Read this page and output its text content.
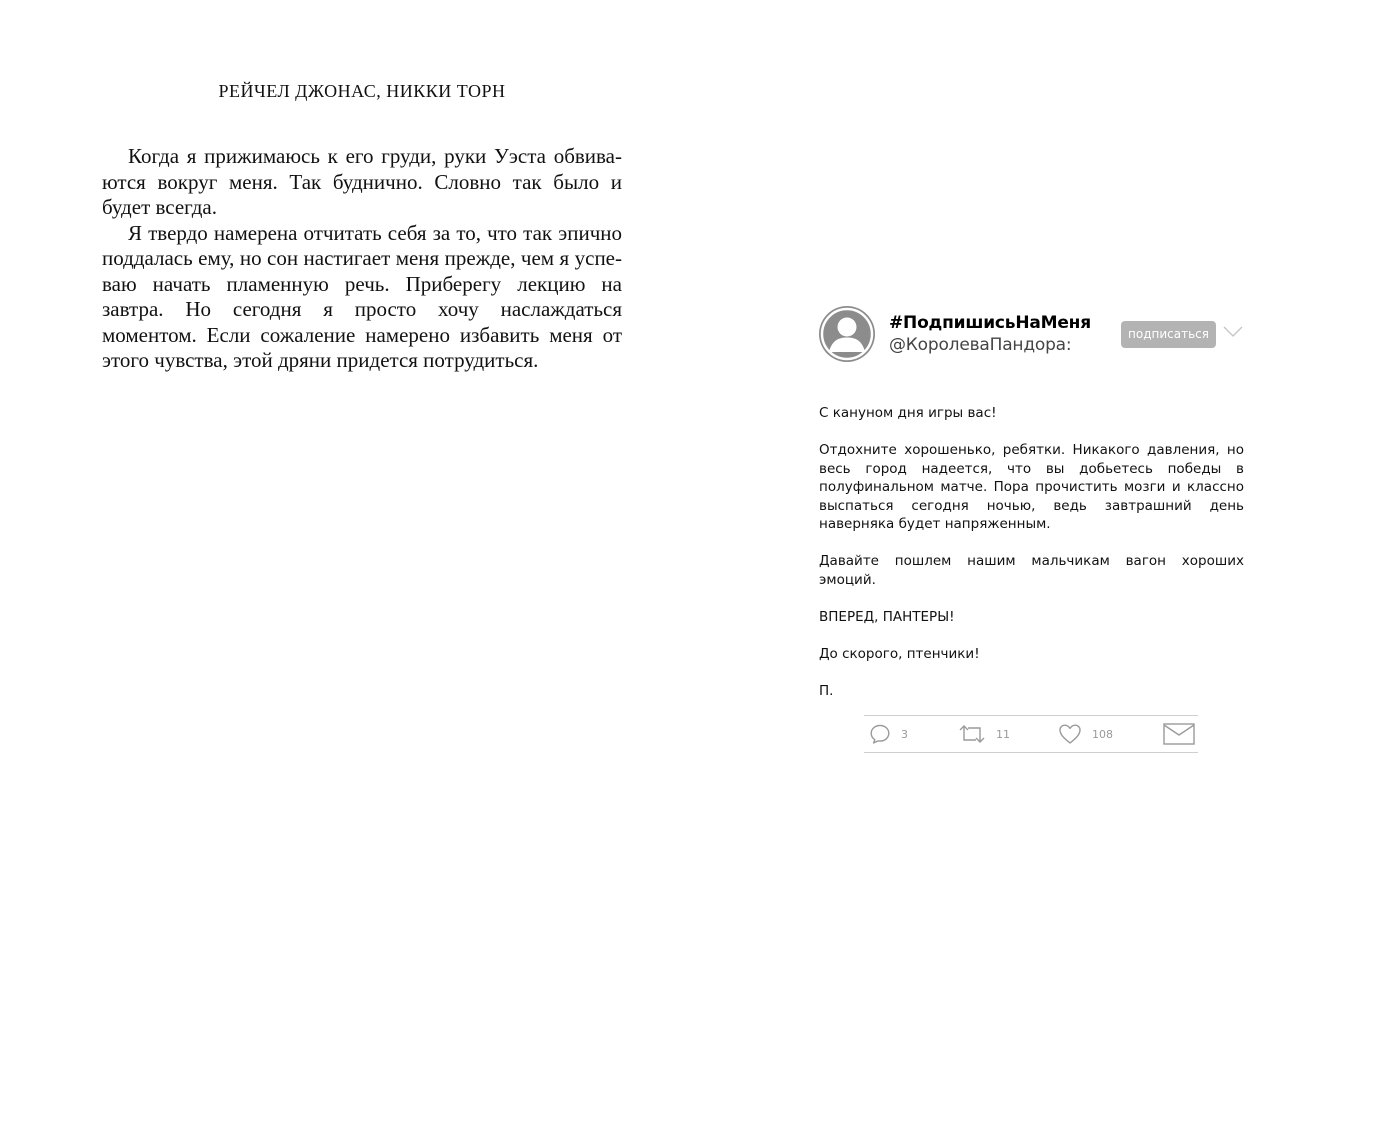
РЕЙЧЕЛ ДЖОНАС, НИККИ ТОРН

Когда я прижимаюсь к его груди, руки Уэста обвива-ются вокруг меня. Так буднично. Словно так было и будет всегда.

Я твердо намерена отчитать себя за то, что так эпично поддалась ему, но сон настигает меня прежде, чем я успе-ваю начать пламенную речь. Приберегу лекцию на завтра. Но сегодня я просто хочу наслаждаться моментом. Если сожаление намерено избавить меня от этого чувства, этой дряни придется потрудиться.

#ПодпишисьНаМеня
@КоролеваПандора:
подписаться

С кануном дня игры вас!

Отдохните хорошенько, ребятки. Никакого давления, но весь город надеется, что вы добьетесь победы в полуфинальном матче. Пора прочистить мозги и классно выспаться сегодня ночью, ведь завтрашний день наверняка будет напряженным.

Давайте пошлем нашим мальчикам вагон хороших эмоций.

ВПЕРЕД, ПАНТЕРЫ!

До скорого, птенчики!

П.

3	11	108
